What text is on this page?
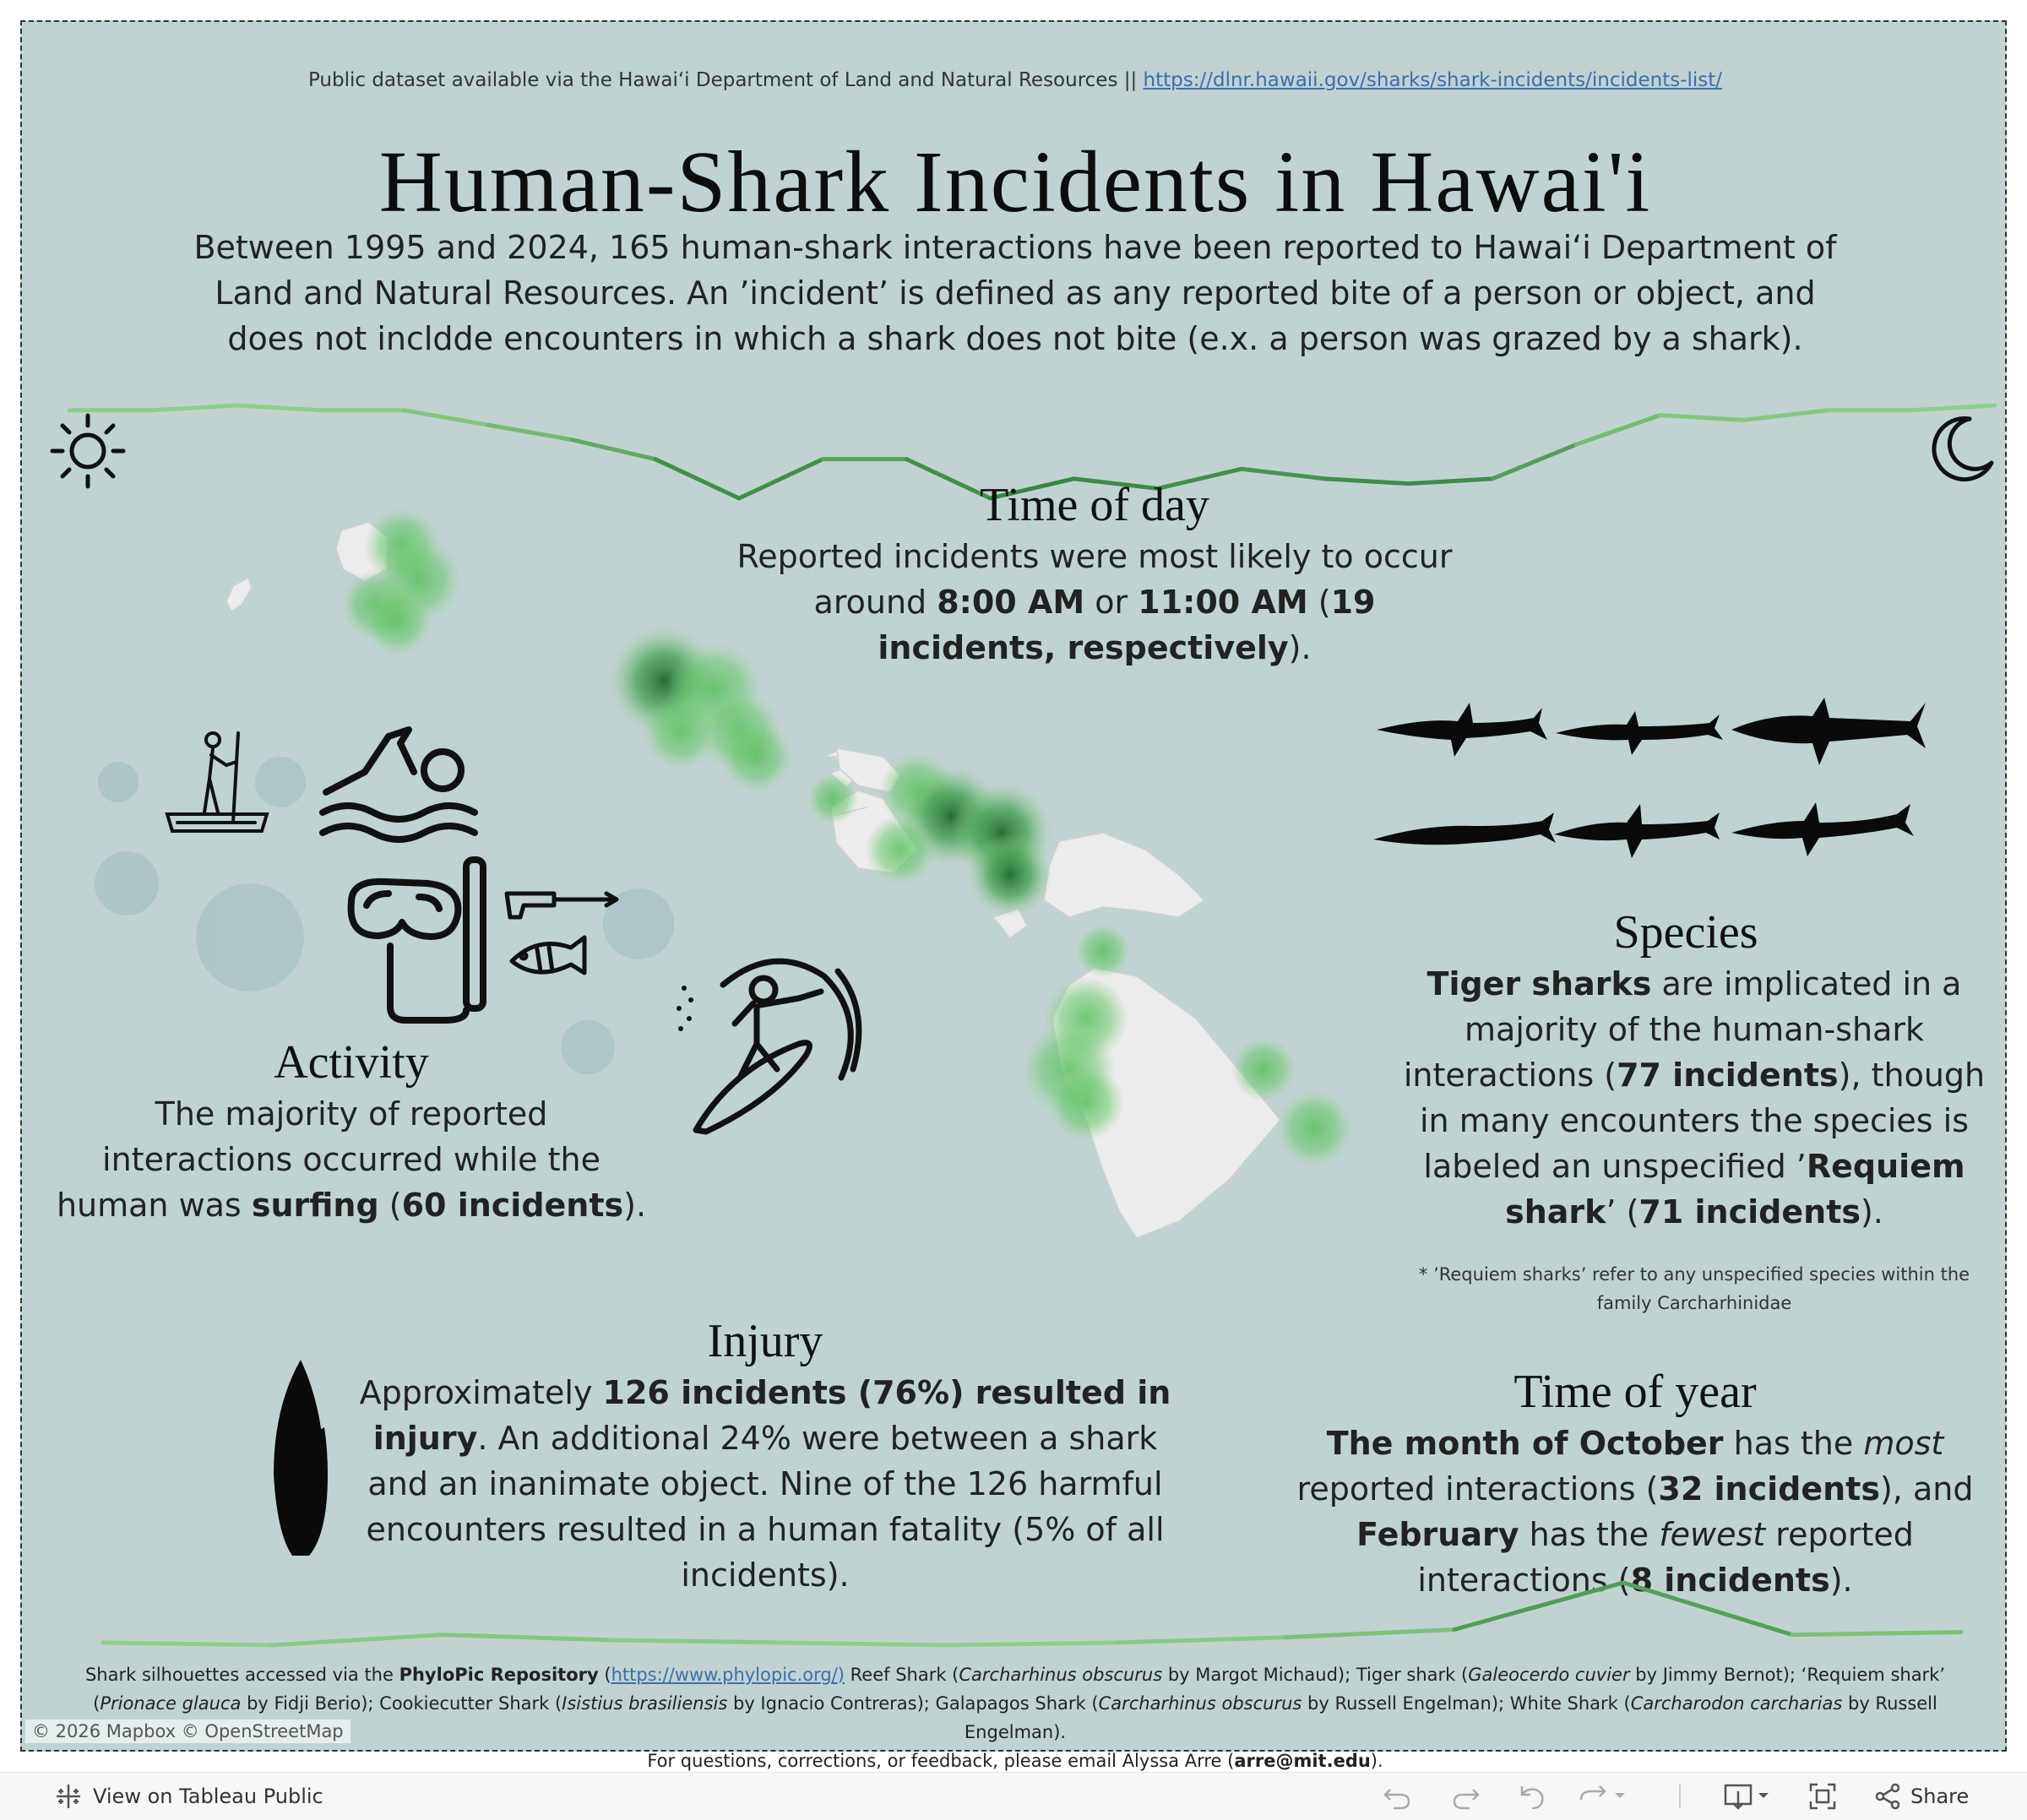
Public dataset available via the Hawaiʻi Department of Land and Natural Resources || https://dlnr.hawaii.gov/sharks/shark-incidents/incidents-list/
Human-Shark Incidents in Hawai'i
Between 1995 and 2024, 165 human-shark interactions have been reported to Hawaiʻi Department of Land and Natural Resources. An ʼincidentʼ is defined as any reported bite of a person or object, and does not incldde encounters in which a shark does not bite (e.x. a person was grazed by a shark).
Time of day
Reported incidents were most likely to occur around 8:00 AM or 11:00 AM (19 incidents, respectively).
Activity
The majority of reported interactions occurred while the human was surfing (60 incidents).
Species
Tiger sharks are implicated in a majority of the human-shark interactions (77 incidents), though in many encounters the species is labeled an unspecified ʼRequiem sharkʼ (71 incidents).
* ʼRequiem sharksʼ refer to any unspecified species within the family Carcharhinidae
Injury
Approximately 126 incidents (76%) resulted in injury. An additional 24% were between a shark and an inanimate object. Nine of the 126 harmful encounters resulted in a human fatality (5% of all incidents).
Time of year
The month of October has the most reported interactions (32 incidents), and February has the fewest reported interactions (8 incidents).
Shark silhouettes accessed via the PhyloPic Repository (https://www.phylopic.org/) Reef Shark (Carcharhinus obscurus by Margot Michaud); Tiger shark (Galeocerdo cuvier by Jimmy Bernot); ʻRequiem sharkʼ (Prionace glauca by Fidji Berio); Cookiecutter Shark (Isistius brasiliensis by Ignacio Contreras); Galapagos Shark (Carcharhinus obscurus by Russell Engelman); White Shark (Carcharodon carcharias by Russell Engelman).
For questions, corrections, or feedback, please email Alyssa Arre (arre@mit.edu).
© 2026 Mapbox © OpenStreetMap
View on Tableau Public	Share
